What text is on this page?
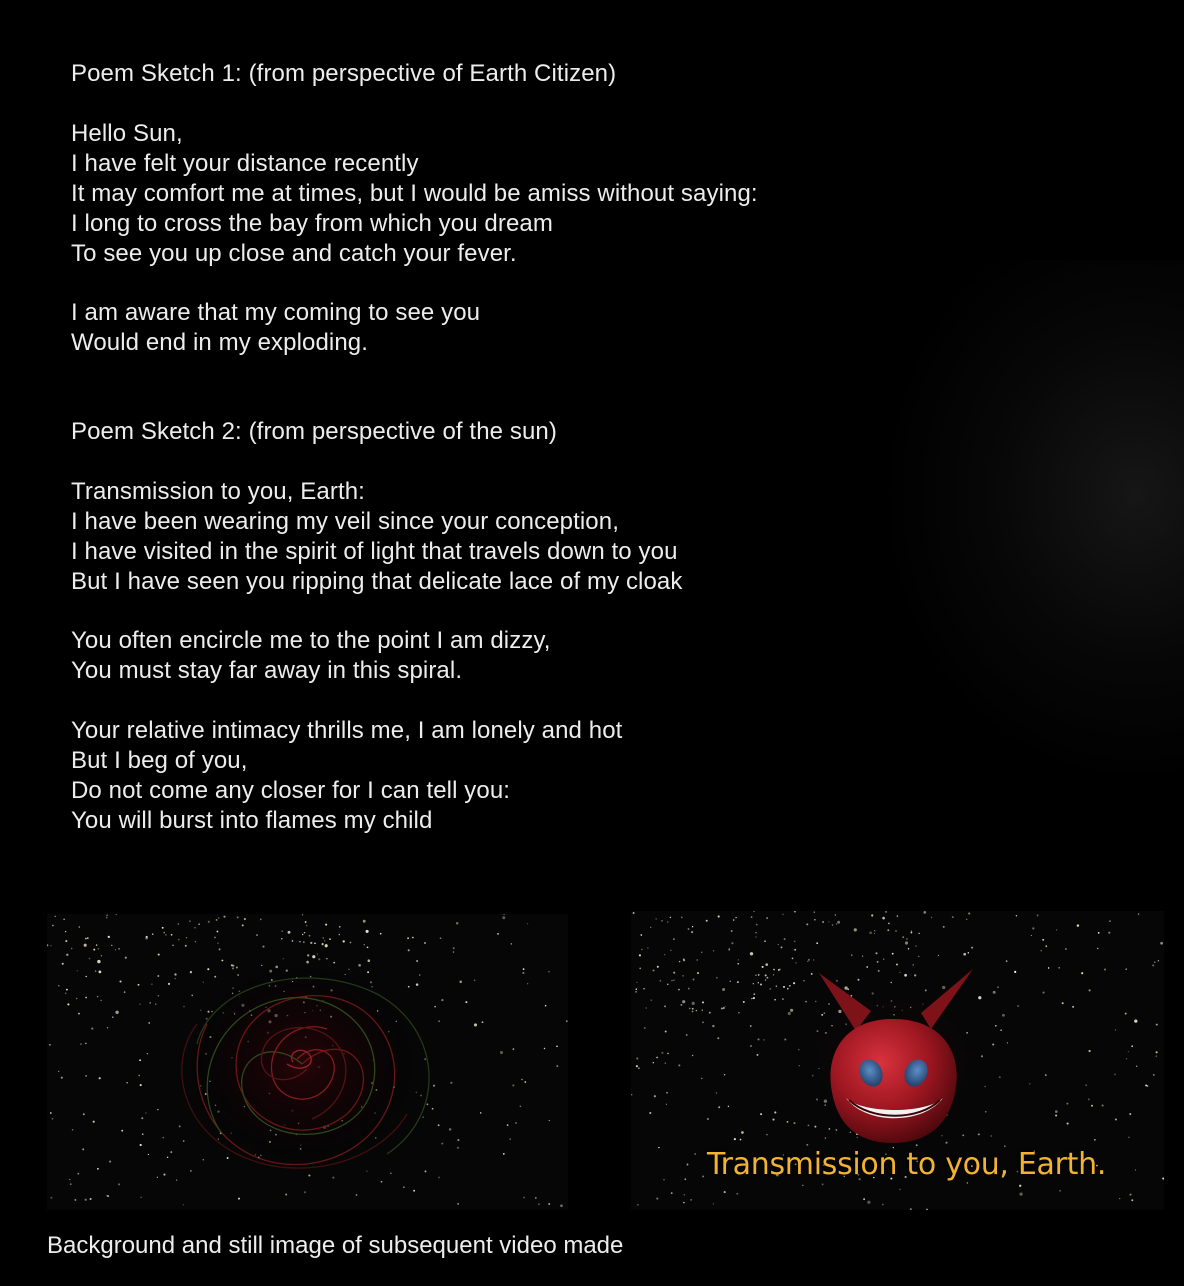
Poem Sketch 1: (from perspective of Earth Citizen)
Hello Sun,
I have felt your distance recently
It may comfort me at times, but I would be amiss without saying:
I long to cross the bay from which you dream
To see you up close and catch your fever.
I am aware that my coming to see you
Would end in my exploding.
Poem Sketch 2: (from perspective of the sun)
Transmission to you, Earth:
I have been wearing my veil since your conception,
I have visited in the spirit of light that travels down to you
But I have seen you ripping that delicate lace of my cloak
You often encircle me to the point I am dizzy,
You must stay far away in this spiral.
Your relative intimacy thrills me, I am lonely and hot
But I beg of you,
Do not come any closer for I can tell you:
You will burst into flames my child
Transmission to you, Earth.
Background and still image of subsequent video made
